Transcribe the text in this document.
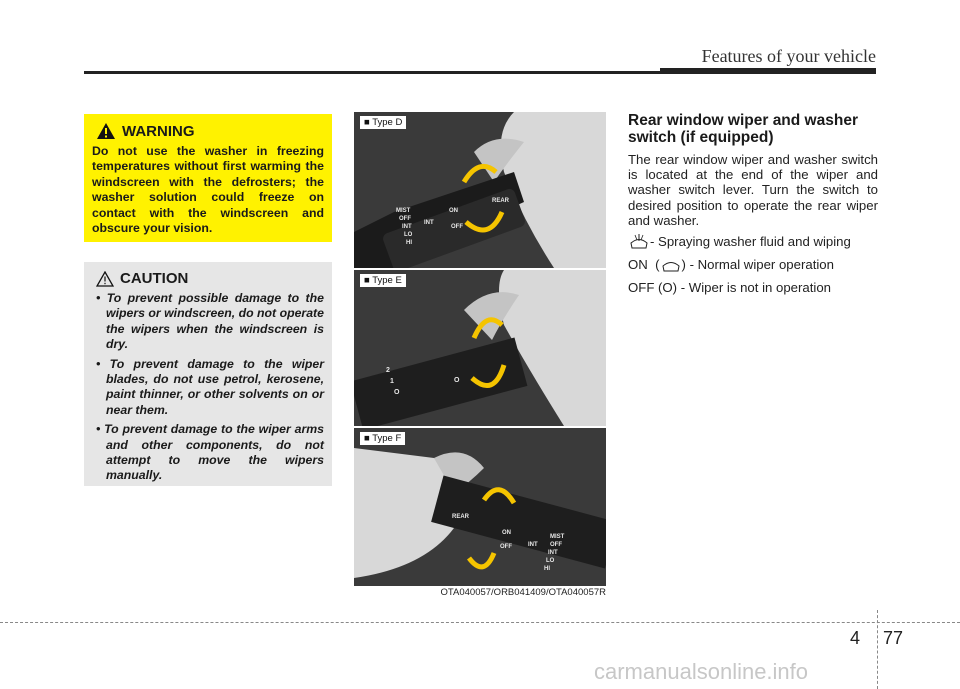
Features of your vehicle
WARNING
Do not use the washer in freezing temperatures without first warming the windscreen with the defrosters; the washer solution could freeze on contact with the windscreen and obscure your vision.
CAUTION
• To prevent possible damage to the wipers or windscreen, do not operate the wipers when the windscreen is dry.
• To prevent damage to the wiper blades, do not use petrol, kerosene, paint thinner, or other solvents on or near them.
• To prevent damage to the wiper arms and other components, do not attempt to move the wipers manually.
■ Type D
MIST
OFF
INT
LO
HI
INT
ON
OFF
REAR
■ Type E
2
1
O
O
■ Type F
REAR
ON
OFF	INT
MIST
OFF
INT
LO
HI
OTA040057/ORB041409/OTA040057R
Rear window wiper and washer switch (if equipped)

The rear window wiper and washer switch is located at the end of the wiper and washer switch lever. Turn the switch to desired position to operate the rear wiper and washer.

- Spraying washer fluid and wiping
ON  ( ) - Normal wiper operation
OFF (O) - Wiper is not in operation
4 77
carmanualsonline.info
